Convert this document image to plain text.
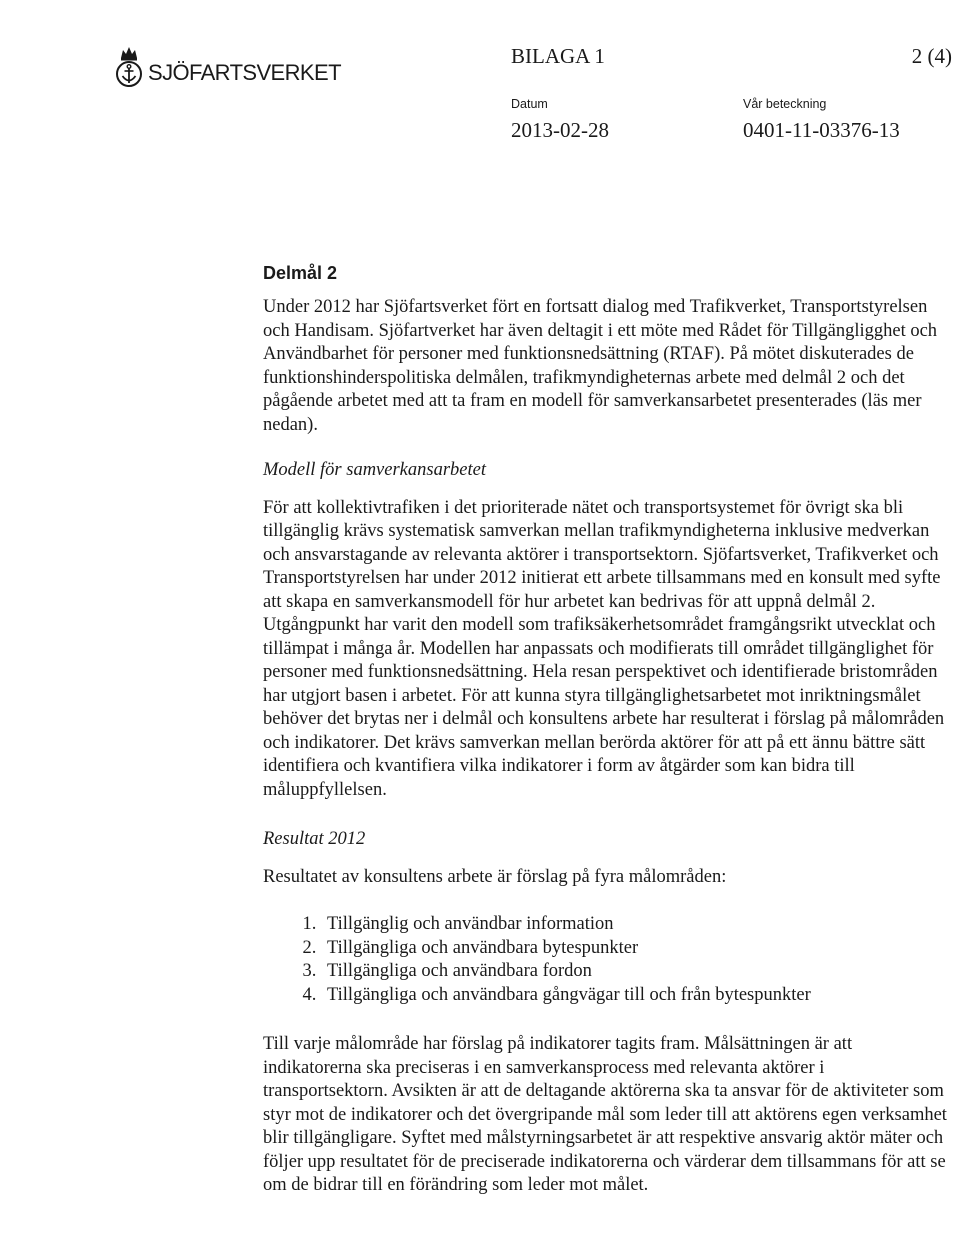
SJÖFARTSVERKET
BILAGA 1	2 (4)
Datum	Vår beteckning
2013-02-28	0401-11-03376-13
Delmål 2

Under 2012 har Sjöfartsverket fört en fortsatt dialog med Trafikverket, Transportstyrelsen och Handisam. Sjöfartverket har även deltagit i ett möte med Rådet för Tillgängligghet och Användbarhet för personer med funktionsnedsättning (RTAF). På mötet diskuterades de funktionshinderspolitiska delmålen, trafikmyndigheternas arbete med delmål 2 och det pågående arbetet med att ta fram en modell för samverkansarbetet presenterades (läs mer nedan).

Modell för samverkansarbetet

För att kollektivtrafiken i det prioriterade nätet och transportsystemet för övrigt ska bli tillgänglig krävs systematisk samverkan mellan trafikmyndigheterna inklusive medverkan och ansvarstagande av relevanta aktörer i transportsektorn. Sjöfartsverket, Trafikverket och Transportstyrelsen har under 2012 initierat ett arbete tillsammans med en konsult med syfte att skapa en samverkansmodell för hur arbetet kan bedrivas för att uppnå delmål 2. Utgångpunkt har varit den modell som trafiksäkerhetsområdet framgångsrikt utvecklat och tillämpat i många år. Modellen har anpassats och modifierats till området tillgänglighet för personer med funktionsnedsättning. Hela resan perspektivet och identifierade bristområden har utgjort basen i arbetet. För att kunna styra tillgänglighetsarbetet mot inriktningsmålet behöver det brytas ner i delmål och konsultens arbete har resulterat i förslag på målområden och indikatorer. Det krävs samverkan mellan berörda aktörer för att på ett ännu bättre sätt identifiera och kvantifiera vilka indikatorer i form av åtgärder som kan bidra till måluppfyllelsen.

Resultat 2012

Resultatet av konsultens arbete är förslag på fyra målområden:

1. Tillgänglig och användbar information
2. Tillgängliga och användbara bytespunkter
3. Tillgängliga och användbara fordon
4. Tillgängliga och användbara gångvägar till och från bytespunkter

Till varje målområde har förslag på indikatorer tagits fram. Målsättningen är att indikatorerna ska preciseras i en samverkansprocess med relevanta aktörer i transportsektorn. Avsikten är att de deltagande aktörerna ska ta ansvar för de aktiviteter som styr mot de indikatorer och det övergripande mål som leder till att aktörens egen verksamhet blir tillgängligare. Syftet med målstyrningsarbetet är att respektive ansvarig aktör mäter och följer upp resultatet för de preciserade indikatorerna och värderar dem tillsammans för att se om de bidrar till en förändring som leder mot målet.
